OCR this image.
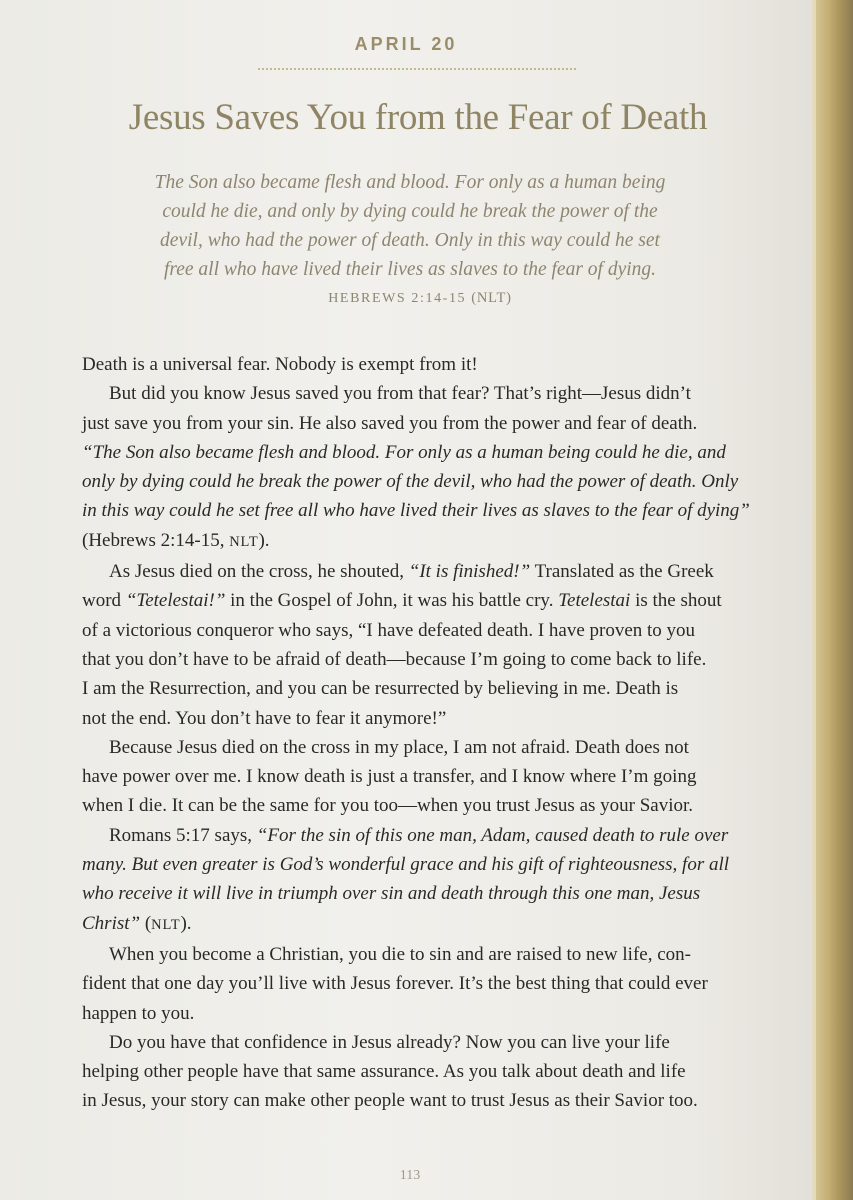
APRIL 20
Jesus Saves You from the Fear of Death
The Son also became flesh and blood. For only as a human being
could he die, and only by dying could he break the power of the
devil, who had the power of death. Only in this way could he set
free all who have lived their lives as slaves to the fear of dying.
HEBREWS 2:14-15 (NLT)
Death is a universal fear. Nobody is exempt from it!
But did you know Jesus saved you from that fear? That’s right—Jesus didn’t
just save you from your sin. He also saved you from the power and fear of death.
“The Son also became flesh and blood. For only as a human being could he die, and
only by dying could he break the power of the devil, who had the power of death. Only
in this way could he set free all who have lived their lives as slaves to the fear of dying”
(Hebrews 2:14-15, NLT).
As Jesus died on the cross, he shouted, “It is finished!” Translated as the Greek
word “Tetelestai!” in the Gospel of John, it was his battle cry. Tetelestai is the shout
of a victorious conqueror who says, “I have defeated death. I have proven to you
that you don’t have to be afraid of death—because I’m going to come back to life.
I am the Resurrection, and you can be resurrected by believing in me. Death is
not the end. You don’t have to fear it anymore!”
Because Jesus died on the cross in my place, I am not afraid. Death does not
have power over me. I know death is just a transfer, and I know where I’m going
when I die. It can be the same for you too—when you trust Jesus as your Savior.
Romans 5:17 says, “For the sin of this one man, Adam, caused death to rule over
many. But even greater is God’s wonderful grace and his gift of righteousness, for all
who receive it will live in triumph over sin and death through this one man, Jesus
Christ” (NLT).
When you become a Christian, you die to sin and are raised to new life, con-
fident that one day you’ll live with Jesus forever. It’s the best thing that could ever
happen to you.
Do you have that confidence in Jesus already? Now you can live your life
helping other people have that same assurance. As you talk about death and life
in Jesus, your story can make other people want to trust Jesus as their Savior too.
113
